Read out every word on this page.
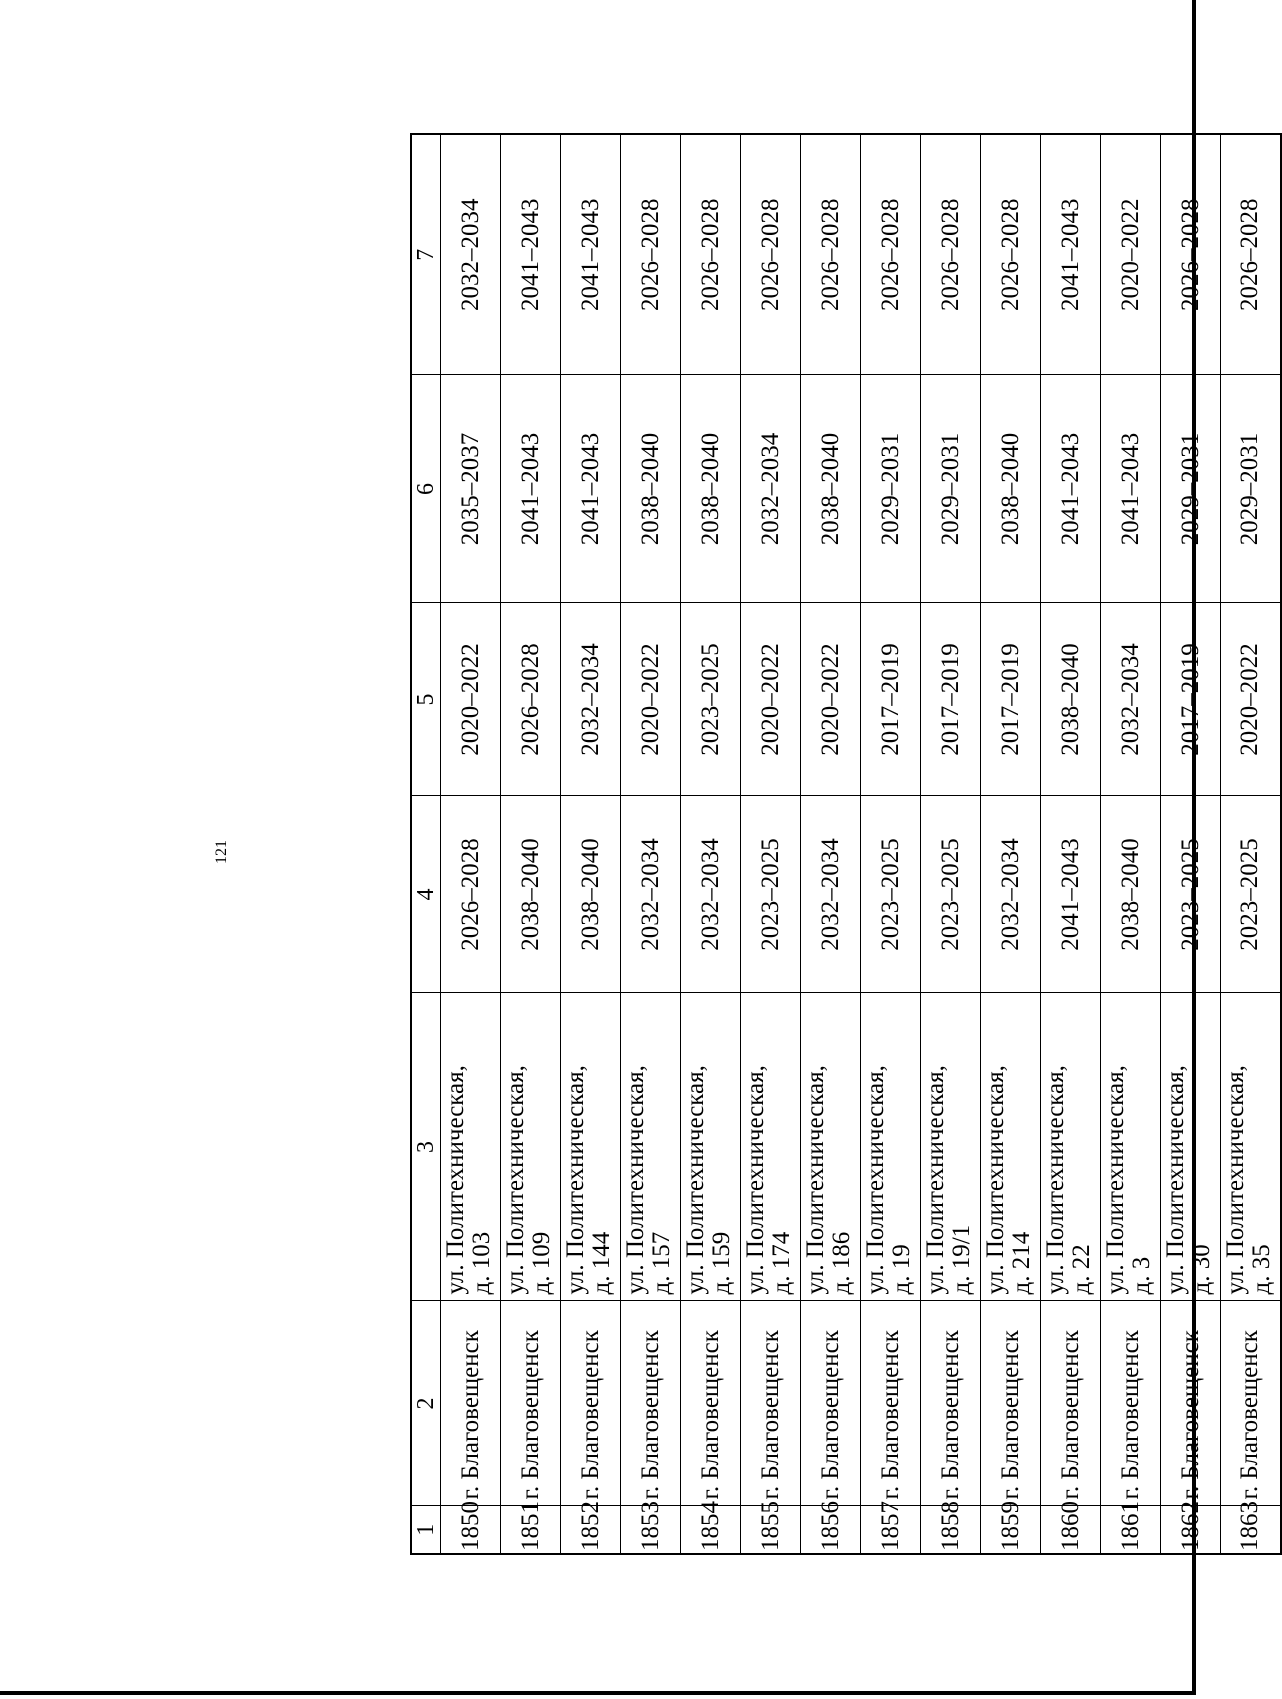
121
1	2	3	4	5	6	7
1850	г. Благовещенск	ул. Политехническая, д. 103	2026–2028	2020–2022	2035–2037	2032–2034
1851	г. Благовещенск	ул. Политехническая, д. 109	2038–2040	2026–2028	2041–2043	2041–2043
1852	г. Благовещенск	ул. Политехническая, д. 144	2038–2040	2032–2034	2041–2043	2041–2043
1853	г. Благовещенск	ул. Политехническая, д. 157	2032–2034	2020–2022	2038–2040	2026–2028
1854	г. Благовещенск	ул. Политехническая, д. 159	2032–2034	2023–2025	2038–2040	2026–2028
1855	г. Благовещенск	ул. Политехническая, д. 174	2023–2025	2020–2022	2032–2034	2026–2028
1856	г. Благовещенск	ул. Политехническая, д. 186	2032–2034	2020–2022	2038–2040	2026–2028
1857	г. Благовещенск	ул. Политехническая, д. 19	2023–2025	2017–2019	2029–2031	2026–2028
1858	г. Благовещенск	ул. Политехническая, д. 19/1	2023–2025	2017–2019	2029–2031	2026–2028
1859	г. Благовещенск	ул. Политехническая, д. 214	2032–2034	2017–2019	2038–2040	2026–2028
1860	г. Благовещенск	ул. Политехническая, д. 22	2041–2043	2038–2040	2041–2043	2041–2043
1861	г. Благовещенск	ул. Политехническая, д. 3	2038–2040	2032–2034	2041–2043	2020–2022
1862	г. Благовещенск	ул. Политехническая, д. 30	2023–2025	2017–2019	2029–2031	2026–2028
1863	г. Благовещенск	ул. Политехническая, д. 35	2023–2025	2020–2022	2029–2031	2026–2028
